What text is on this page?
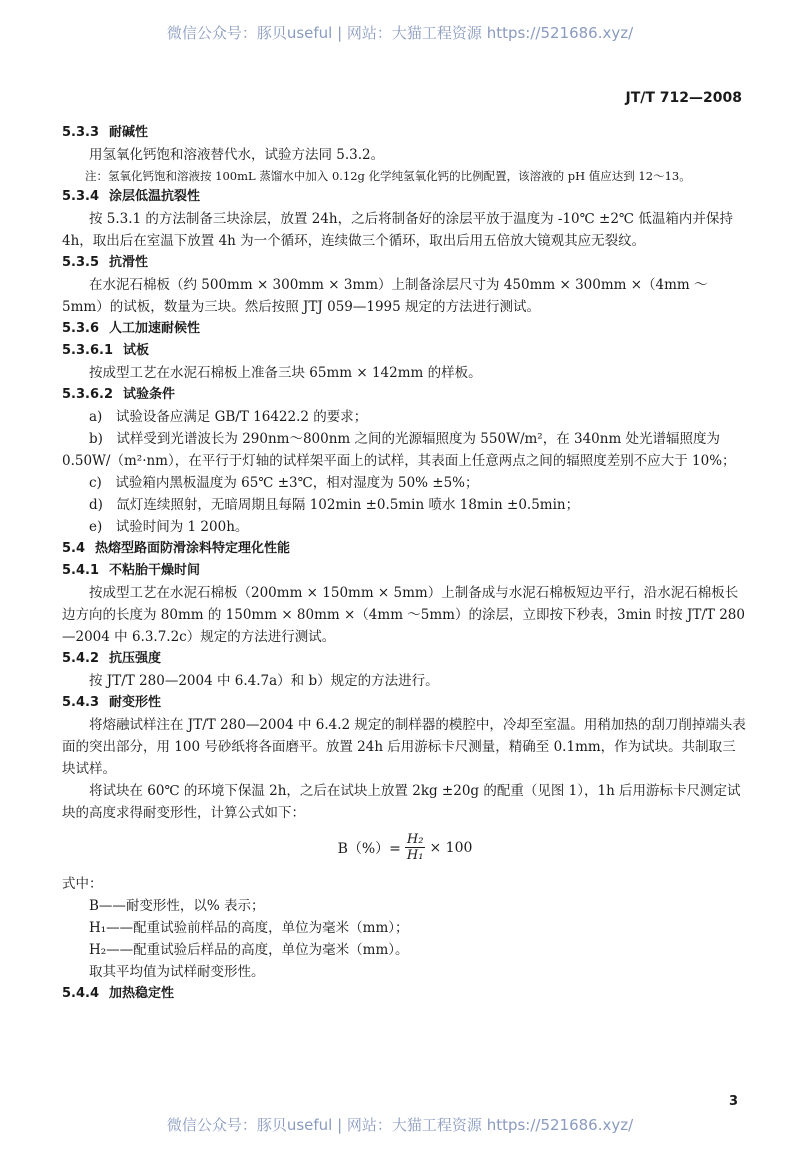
微信公众号：豚贝useful | 网站：大猫工程资源 https://521686.xyz/
JT/T 712—2008

5.3.3 耐碱性

用氢氧化钙饱和溶液替代水，试验方法同 5.3.2。

注：氢氧化钙饱和溶液按 100mL 蒸馏水中加入 0.12g 化学纯氢氧化钙的比例配置，该溶液的 pH 值应达到 12～13。

5.3.4 涂层低温抗裂性

按 5.3.1 的方法制备三块涂层，放置 24h，之后将制备好的涂层平放于温度为 -10℃ ±2℃ 低温箱内并保持 4h，取出后在室温下放置 4h 为一个循环，连续做三个循环，取出后用五倍放大镜观其应无裂纹。

5.3.5 抗滑性

在水泥石棉板（约 500mm × 300mm × 3mm）上制备涂层尺寸为 450mm × 300mm ×（4mm ～5mm）的试板，数量为三块。然后按照 JTJ 059—1995 规定的方法进行测试。

5.3.6 人工加速耐候性

5.3.6.1 试板

按成型工艺在水泥石棉板上准备三块 65mm × 142mm 的样板。

5.3.6.2 试验条件

a)　试验设备应满足 GB/T 16422.2 的要求；

b)　试样受到光谱波长为 290nm～800nm 之间的光源辐照度为 550W/m²，在 340nm 处光谱辐照度为 0.50W/（m²·nm），在平行于灯轴的试样架平面上的试样，其表面上任意两点之间的辐照度差别不应大于 10%；

c)　试验箱内黑板温度为 65℃ ±3℃，相对湿度为 50% ±5%；

d)　氙灯连续照射，无暗周期且每隔 102min ±0.5min 喷水 18min ±0.5min；

e)　试验时间为 1 200h。

5.4 热熔型路面防滑涂料特定理化性能

5.4.1 不粘胎干燥时间

按成型工艺在水泥石棉板（200mm × 150mm × 5mm）上制备成与水泥石棉板短边平行，沿水泥石棉板长边方向的长度为 80mm 的 150mm × 80mm ×（4mm ～5mm）的涂层，立即按下秒表，3min 时按 JT/T 280—2004 中 6.3.7.2c）规定的方法进行测试。

5.4.2 抗压强度

按 JT/T 280—2004 中 6.4.7a）和 b）规定的方法进行。

5.4.3 耐变形性

将熔融试样注在 JT/T 280—2004 中 6.4.2 规定的制样器的模腔中，冷却至室温。用稍加热的刮刀削掉端头表面的突出部分，用 100 号砂纸将各面磨平。放置 24h 后用游标卡尺测量，精确至 0.1mm，作为试块。共制取三块试样。

将试块在 60℃ 的环境下保温 2h，之后在试块上放置 2kg ±20g 的配重（见图 1），1h 后用游标卡尺测定试块的高度求得耐变形性，计算公式如下：

$B(\%)= \frac{\text{H₂}}{\text{H₁}} \times 100$

式中：

B——耐变形性，以% 表示；

H₁——配重试验前样品的高度，单位为毫米（mm）；

H₂——配重试验后样品的高度，单位为毫米（mm）。

取其平均值为试样耐变形性。

5.4.4 加热稳定性

3
微信公众号：豚贝useful | 网站：大猫工程资源 https://521686.xyz/
